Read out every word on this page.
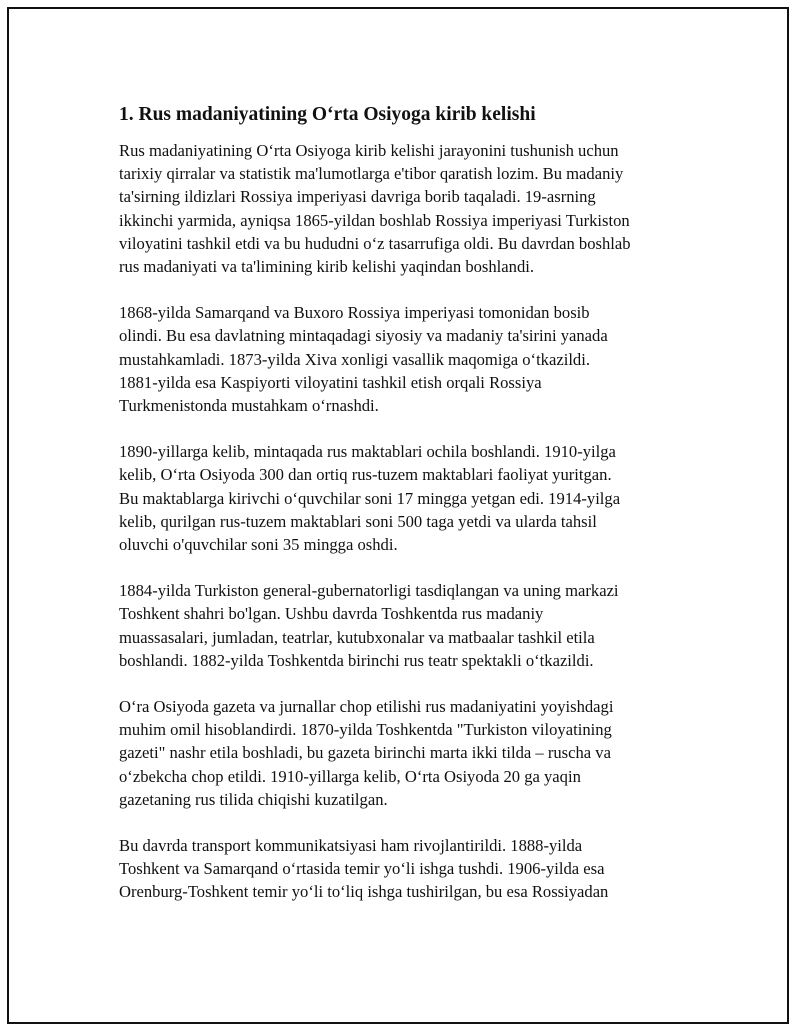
1. Rus madaniyatining O‘rta Osiyoga kirib kelishi

Rus madaniyatining O‘rta Osiyoga kirib kelishi jarayonini tushunish uchun
tarixiy qirralar va statistik ma'lumotlarga e'tibor qaratish lozim. Bu madaniy
ta'sirning ildizlari Rossiya imperiyasi davriga borib taqaladi. 19-asrning
ikkinchi yarmida, ayniqsa 1865-yildan boshlab Rossiya imperiyasi Turkiston
viloyatini tashkil etdi va bu hududni o‘z tasarrufiga oldi. Bu davrdan boshlab
rus madaniyati va ta'limining kirib kelishi yaqindan boshlandi.

1868-yilda Samarqand va Buxoro Rossiya imperiyasi tomonidan bosib
olindi. Bu esa davlatning mintaqadagi siyosiy va madaniy ta'sirini yanada
mustahkamladi. 1873-yilda Xiva xonligi vasallik maqomiga o‘tkazildi.
1881-yilda esa Kaspiyorti viloyatini tashkil etish orqali Rossiya
Turkmenistonda mustahkam o‘rnashdi.

1890-yillarga kelib, mintaqada rus maktablari ochila boshlandi. 1910-yilga
kelib, O‘rta Osiyoda 300 dan ortiq rus-tuzem maktablari faoliyat yuritgan.
Bu maktablarga kirivchi o‘quvchilar soni 17 mingga yetgan edi. 1914-yilga
kelib, qurilgan rus-tuzem maktablari soni 500 taga yetdi va ularda tahsil
oluvchi o'quvchilar soni 35 mingga oshdi.

1884-yilda Turkiston general-gubernatorligi tasdiqlangan va uning markazi
Toshkent shahri bo'lgan. Ushbu davrda Toshkentda rus madaniy
muassasalari, jumladan, teatrlar, kutubxonalar va matbaalar tashkil etila
boshlandi. 1882-yilda Toshkentda birinchi rus teatr spektakli o‘tkazildi.

O‘ra Osiyoda gazeta va jurnallar chop etilishi rus madaniyatini yoyishdagi
muhim omil hisoblandirdi. 1870-yilda Toshkentda "Turkiston viloyatining
gazeti" nashr etila boshladi, bu gazeta birinchi marta ikki tilda – ruscha va
o‘zbekcha chop etildi. 1910-yillarga kelib, O‘rta Osiyoda 20 ga yaqin
gazetaning rus tilida chiqishi kuzatilgan.

Bu davrda transport kommunikatsiyasi ham rivojlantirildi. 1888-yilda
Toshkent va Samarqand o‘rtasida temir yo‘li ishga tushdi. 1906-yilda esa
Orenburg-Toshkent temir yo‘li to‘liq ishga tushirilgan, bu esa Rossiyadan
